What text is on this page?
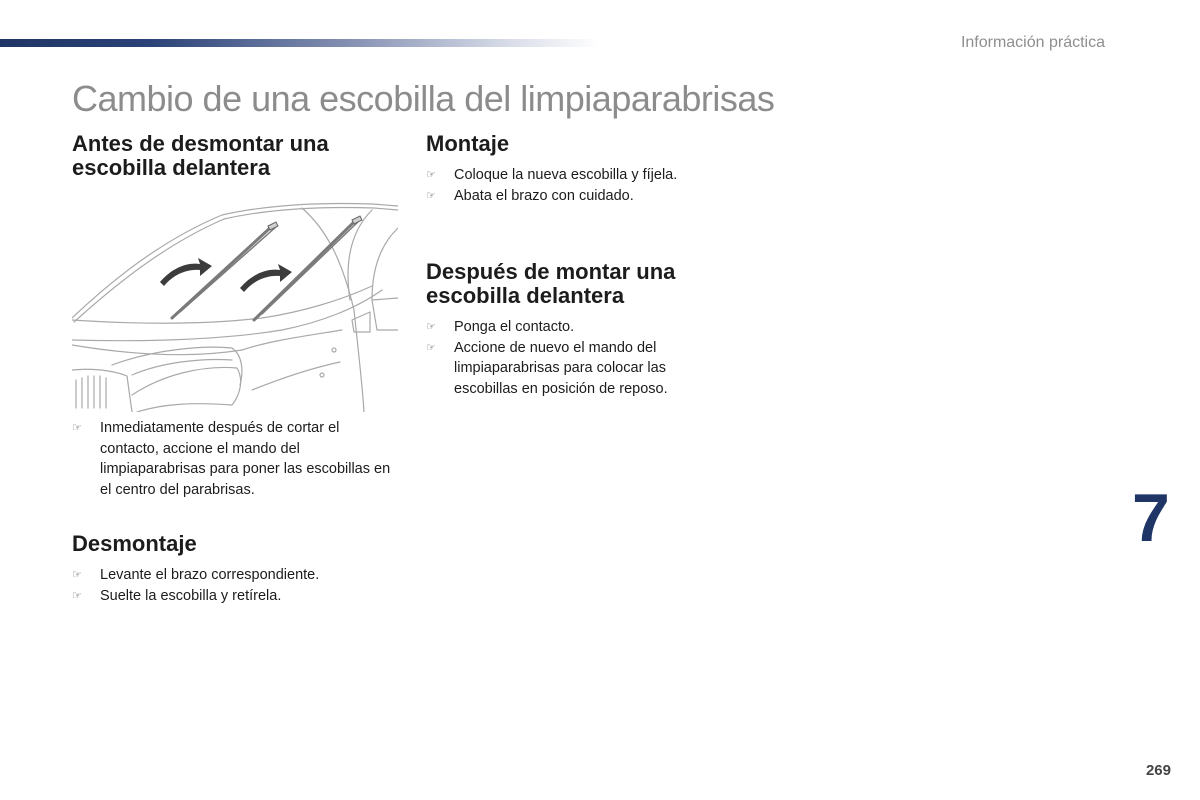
Información práctica
Cambio de una escobilla del limpiaparabrisas
Antes de desmontar una escobilla delantera
☞ Inmediatamente después de cortar el contacto, accione el mando del limpiaparabrisas para poner las escobillas en el centro del parabrisas.
Desmontaje
☞ Levante el brazo correspondiente.
☞ Suelte la escobilla y retírela.
Montaje
☞ Coloque la nueva escobilla y fíjela.
☞ Abata el brazo con cuidado.
Después de montar una escobilla delantera
☞ Ponga el contacto.
☞ Accione de nuevo el mando del limpiaparabrisas para colocar las escobillas en posición de reposo.
7
269
